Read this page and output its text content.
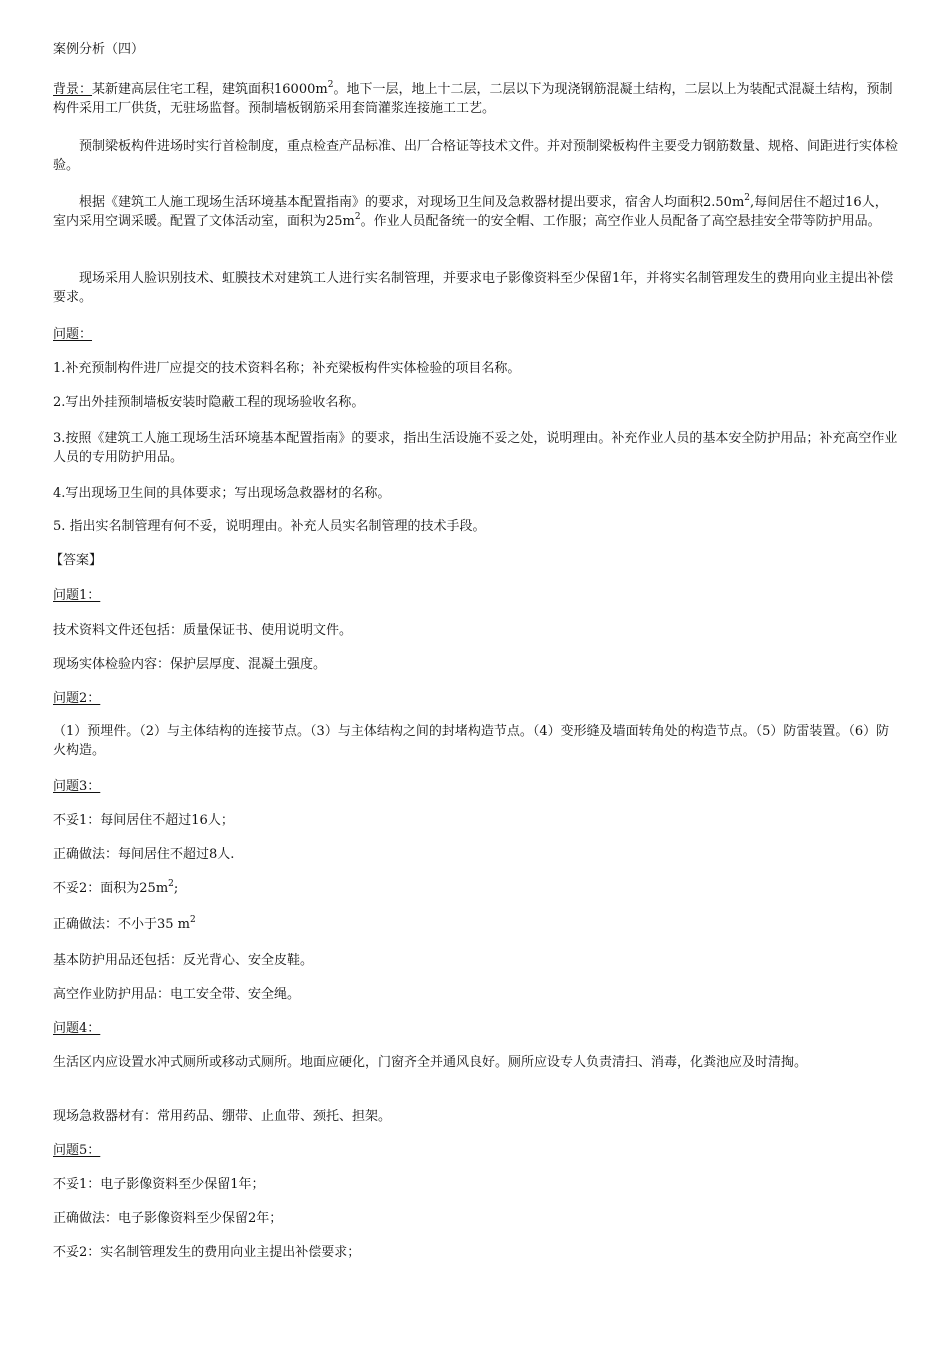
案例分析（四）

背景：某新建高层住宅工程，建筑面积$16000m^2$。地下一层，地上十二层，二层以下为现浇钢筋混凝土结构，二层以上为装配式混凝土结构，预制构件采用工厂供货，无驻场监督。预制墙板钢筋采用套筒灌浆连接施工工艺。

预制梁板构件进场时实行首检制度，重点检查产品标准、出厂合格证等技术文件。并对预制梁板构件主要受力钢筋数量、规格、间距进行实体检验。

根据《建筑工人施工现场生活环境基本配置指南》的要求，对现场卫生间及急救器材提出要求，宿舍人均面积$2.50m^2$,每间居住不超过16人，室内采用空调采暖。配置了文体活动室，面积为$25m^2$。作业人员配备统一的安全帽、工作服；高空作业人员配备了高空悬挂安全带等防护用品。

现场采用人脸识别技术、虹膜技术对建筑工人进行实名制管理，并要求电子影像资料至少保留1年，并将实名制管理发生的费用向业主提出补偿要求。

问题：

1.补充预制构件进厂应提交的技术资料名称；补充梁板构件实体检验的项目名称。

2.写出外挂预制墙板安装时隐蔽工程的现场验收名称。

3.按照《建筑工人施工现场生活环境基本配置指南》的要求，指出生活设施不妥之处，说明理由。补充作业人员的基本安全防护用品；补充高空作业人员的专用防护用品。

4.写出现场卫生间的具体要求；写出现场急救器材的名称。

5. 指出实名制管理有何不妥，说明理由。补充人员实名制管理的技术手段。

【答案】

问题1：

技术资料文件还包括：质量保证书、使用说明文件。

现场实体检验内容：保护层厚度、混凝土强度。

问题2：

（1）预埋件。（2）与主体结构的连接节点。（3）与主体结构之间的封堵构造节点。（4）变形缝及墙面转角处的构造节点。（5）防雷装置。（6）防火构造。

问题3：

不妥1：每间居住不超过16人；

正确做法：每间居住不超过8人.

不妥2：面积为$25m^2$;

正确做法：不小于35 $m^2$

基本防护用品还包括：反光背心、安全皮鞋。

高空作业防护用品：电工安全带、安全绳。

问题4：

生活区内应设置水冲式厕所或移动式厕所。地面应硬化，门窗齐全并通风良好。厕所应设专人负责清扫、消毒，化粪池应及时清掏。

现场急救器材有：常用药品、绷带、止血带、颈托、担架。

问题5：

不妥1：电子影像资料至少保留1年；

正确做法：电子影像资料至少保留2年；

不妥2：实名制管理发生的费用向业主提出补偿要求；
